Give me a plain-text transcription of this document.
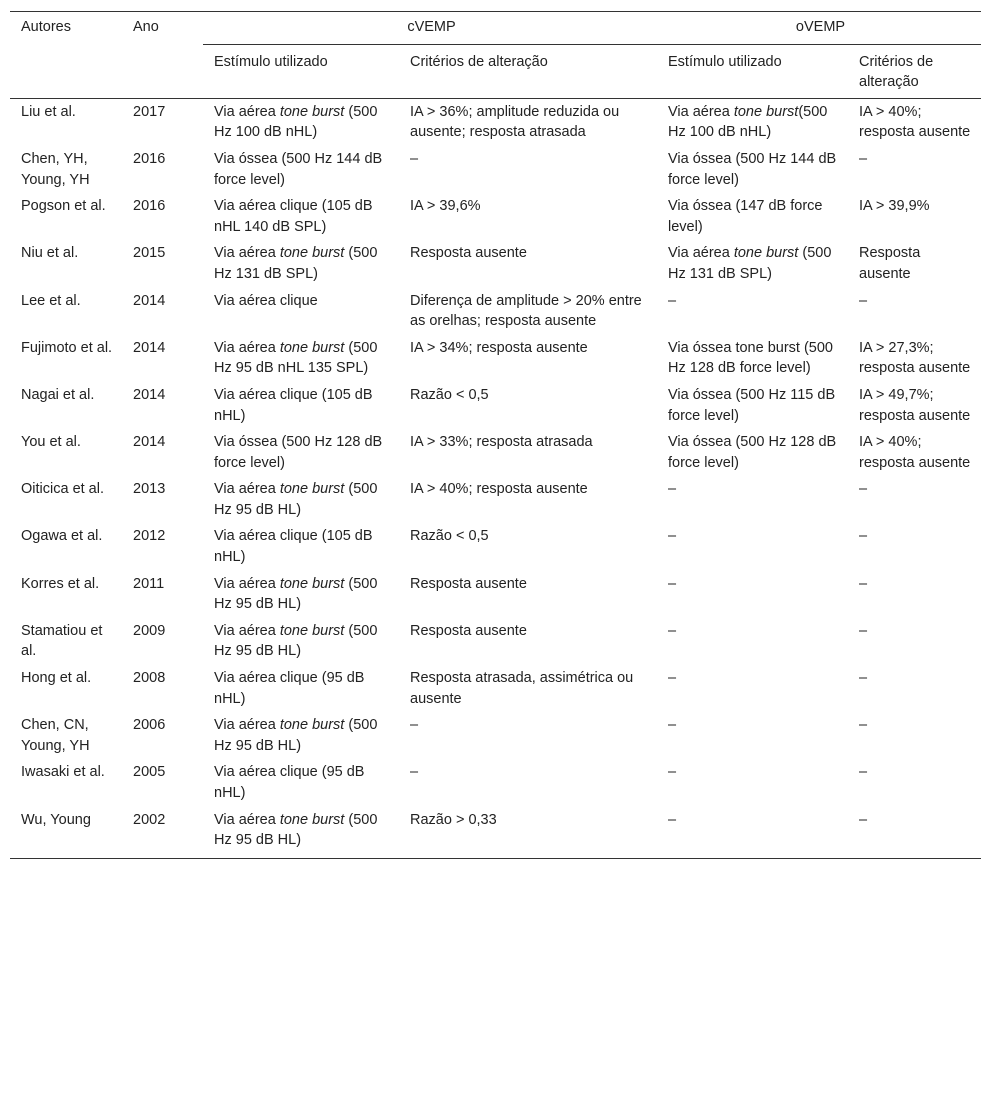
Autores	Ano	cVEMP		oVEMP	

		Estímulo utilizado	Critérios de alteração	Estímulo utilizado	Critérios de alteração
Liu et al.	2017	Via aérea tone burst (500 Hz 100 dB nHL)	IA > 36%; amplitude reduzida ou ausente; resposta atrasada	Via aérea tone burst(500 Hz 100 dB nHL)	IA > 40%; resposta ausente
Chen, YH, Young, YH	2016	Via óssea (500 Hz 144 dB force level)	–	Via óssea (500 Hz 144 dB force level)	–
Pogson et al.	2016	Via aérea clique (105 dB nHL 140 dB SPL)	IA > 39,6%	Via óssea (147 dB force level)	IA > 39,9%
Niu et al.	2015	Via aérea tone burst (500 Hz 131 dB SPL)	Resposta ausente	Via aérea tone burst (500 Hz 131 dB SPL)	Resposta ausente
Lee et al.	2014	Via aérea clique	Diferença de amplitude > 20% entre as orelhas; resposta ausente	–	–
Fujimoto et al.	2014	Via aérea tone burst (500 Hz 95 dB nHL 135 SPL)	IA > 34%; resposta ausente	Via óssea tone burst (500 Hz 128 dB force level)	IA > 27,3%; resposta ausente
Nagai et al.	2014	Via aérea clique (105 dB nHL)	Razão < 0,5	Via óssea (500 Hz 115 dB force level)	IA > 49,7%; resposta ausente
You et al.	2014	Via óssea (500 Hz 128 dB force level)	IA > 33%; resposta atrasada	Via óssea (500 Hz 128 dB force level)	IA > 40%; resposta ausente
Oiticica et al.	2013	Via aérea tone burst (500 Hz 95 dB HL)	IA > 40%; resposta ausente	–	–
Ogawa et al.	2012	Via aérea clique (105 dB nHL)	Razão < 0,5	–	–
Korres et al.	2011	Via aérea tone burst (500 Hz 95 dB HL)	Resposta ausente	–	–
Stamatiou et al.	2009	Via aérea tone burst (500 Hz 95 dB HL)	Resposta ausente	–	–
Hong et al.	2008	Via aérea clique (95 dB nHL)	Resposta atrasada, assimétrica ou ausente	–	–
Chen, CN, Young, YH	2006	Via aérea tone burst (500 Hz 95 dB HL)	–	–	–
Iwasaki et al.	2005	Via aérea clique (95 dB nHL)	–	–	–
Wu, Young	2002	Via aérea tone burst (500 Hz 95 dB HL)	Razão > 0,33	–	–
